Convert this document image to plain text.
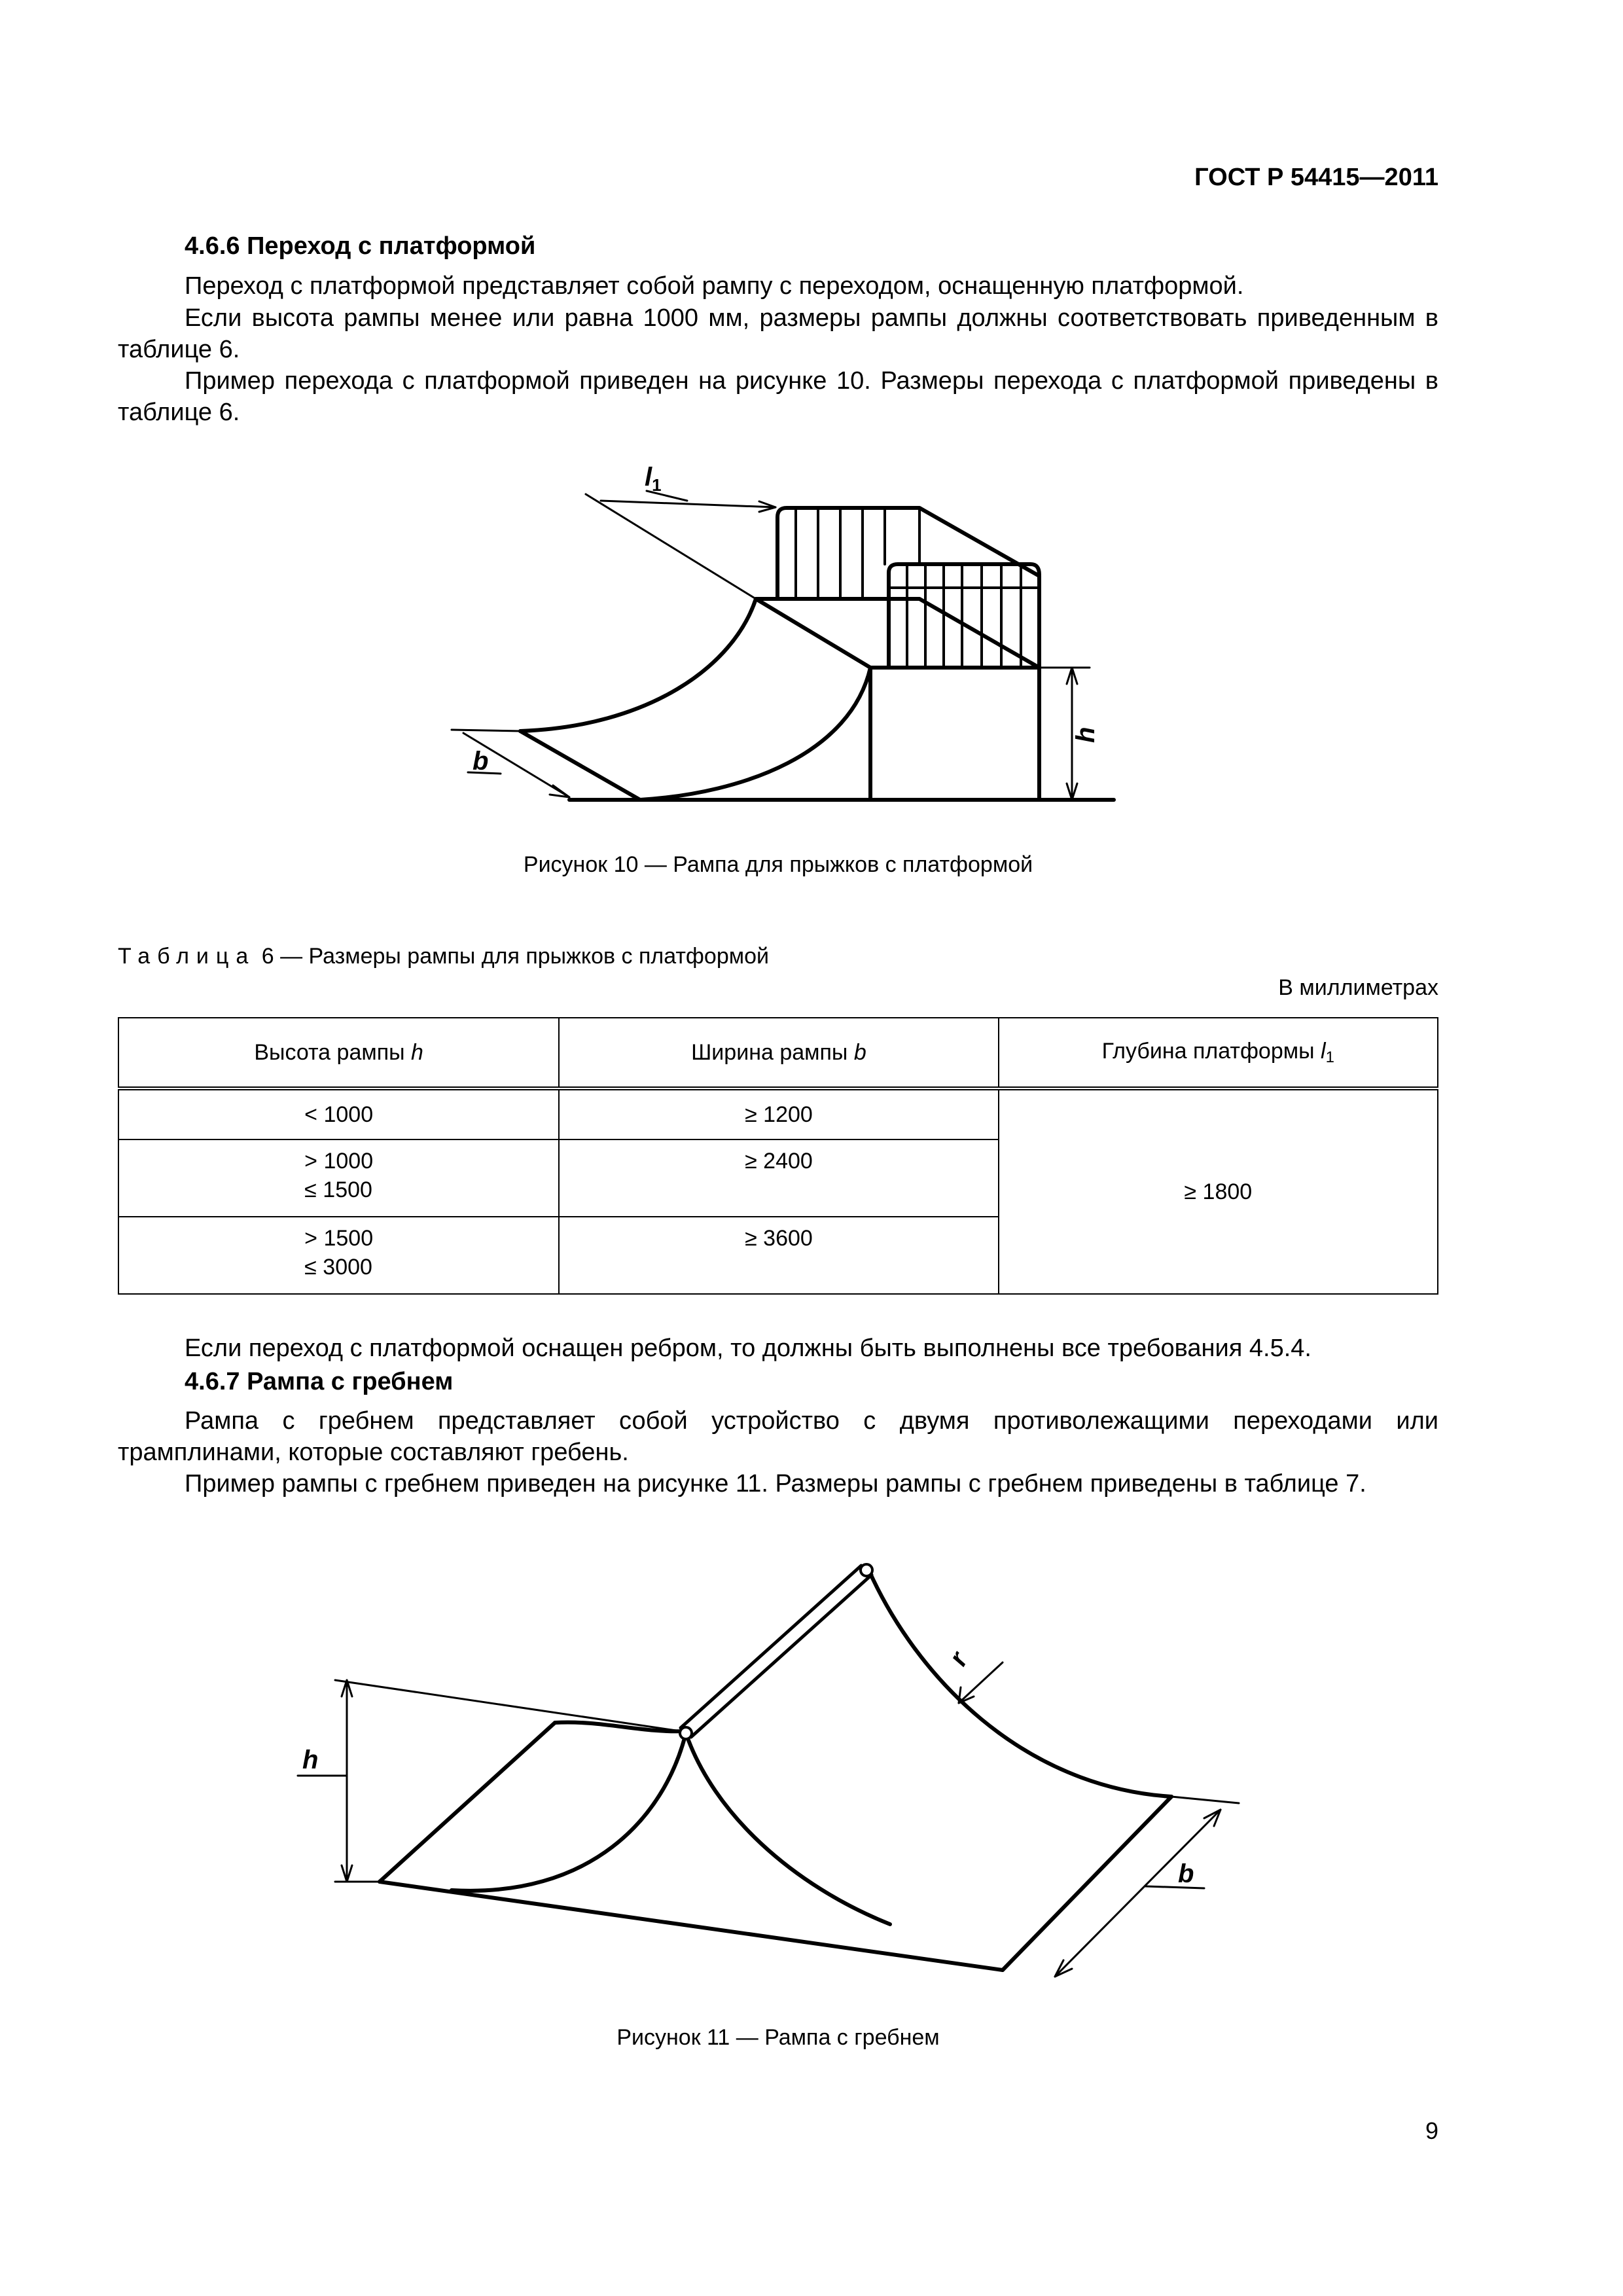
ГОСТ Р 54415—2011
4.6.6 Переход с платформой
Переход с платформой представляет собой рампу с переходом, оснащенную платформой.
Если высота рампы менее или равна 1000 мм, размеры рампы должны соответствовать приведенным в таблице 6.
Пример перехода с платформой приведен на рисунке 10. Размеры перехода с платформой приведены в таблице 6.
$l_1$
h
b
Рисунок 10 — Рампа для прыжков с платформой
Таблица 6 — Размеры рампы для прыжков с платформой
В миллиметрах
Высота рампы h	Ширина рампы b	Глубина платформы l1
< 1000	≥ 1200	≥ 1800
> 1000
≤ 1500	≥ 2400	
> 1500
≤ 3000	≥ 3600	
Если переход с платформой оснащен ребром, то должны быть выполнены все требования 4.5.4.
4.6.7 Рампа с гребнем
Рампа с гребнем представляет собой устройство с двумя противолежащими переходами или трамплинами, которые составляют гребень.
Пример рампы с гребнем приведен на рисунке 11. Размеры рампы с гребнем приведены в таблице 7.
h
r
b
Рисунок 11 — Рампа с гребнем
9
